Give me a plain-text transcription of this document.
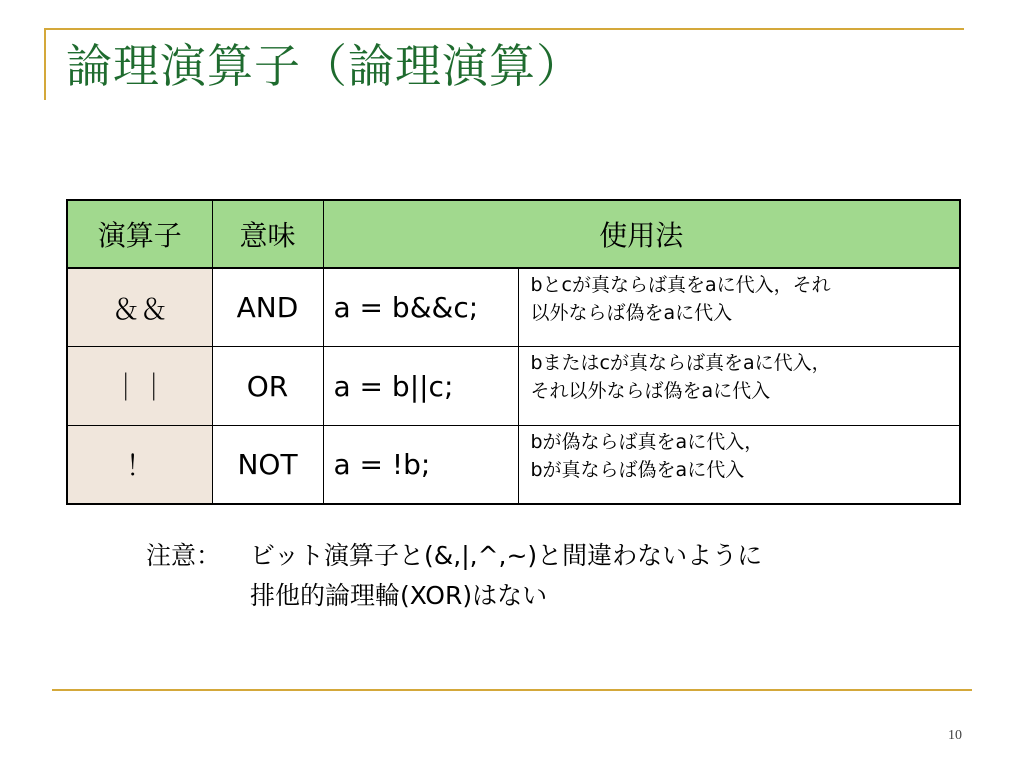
論理演算子（論理演算）
演算子	意味	使用法	
＆＆	AND	a = b&&c;	bとcが真ならば真をaに代入，それ
以外ならば偽をaに代入

｜｜	OR	a = b||c;	bまたはcが真ならば真をaに代入，
それ以外ならば偽をaに代入

！	NOT	a = !b;	bが偽ならば真をaに代入，
bが真ならば偽をaに代入
注意： ビット演算子と(&,|,^,~)と間違わないように
排他的論理輪(XOR)はない
10
